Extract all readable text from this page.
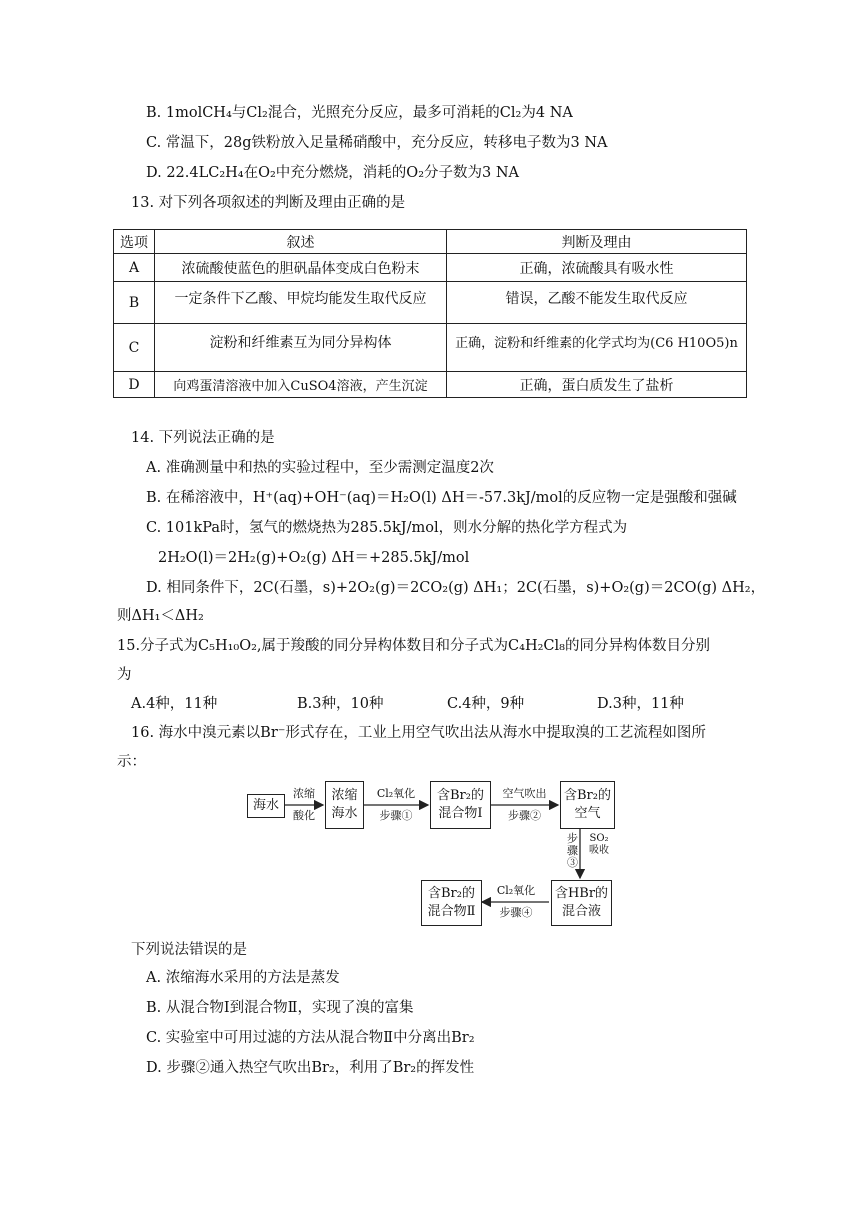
B. 1molCH₄与Cl₂混合，光照充分反应，最多可消耗的Cl₂为4 NA
C. 常温下，28g铁粉放入足量稀硝酸中，充分反应，转移电子数为3 NA
D. 22.4LC₂H₄在O₂中充分燃烧，消耗的O₂分子数为3 NA
13. 对下列各项叙述的判断及理由正确的是
选项	叙述	判断及理由
A	浓硫酸使蓝色的胆矾晶体变成白色粉末	正确，浓硫酸具有吸水性
B	一定条件下乙酸、甲烷均能发生取代反应	错误，乙酸不能发生取代反应
C	淀粉和纤维素互为同分异构体	正确，淀粉和纤维素的化学式均为(C6 H10O5)n
D	向鸡蛋清溶液中加入CuSO4溶液，产生沉淀	正确，蛋白质发生了盐析
14. 下列说法正确的是
A. 准确测量中和热的实验过程中，至少需测定温度2次
B. 在稀溶液中，H⁺(aq)+OH⁻(aq)＝H₂O(l) ΔH＝-57.3kJ/mol的反应物一定是强酸和强碱
C. 101kPa时，氢气的燃烧热为285.5kJ/mol，则水分解的热化学方程式为
2H₂O(l)＝2H₂(g)+O₂(g) ΔH＝+285.5kJ/mol
D. 相同条件下，2C(石墨，s)+2O₂(g)＝2CO₂(g) ΔH₁；2C(石墨，s)+O₂(g)＝2CO(g) ΔH₂，
则ΔH₁＜ΔH₂
15.分子式为C₅H₁₀O₂,属于羧酸的同分异构体数目和分子式为C₄H₂Cl₈的同分异构体数目分别
为
A.4种，11种	B.3种，10种	C.4种，9种	D.3种，11种
16. 海水中溴元素以Br⁻形式存在，工业上用空气吹出法从海水中提取溴的工艺流程如图所
示：
海水
浓缩
酸化
浓缩
海水
Cl₂氧化
步骤①
含Br₂的
混合物Ⅰ
空气吹出
步骤②
含Br₂的
空气
步骤③
SO₂吸收
含HBr的
混合液
Cl₂氧化
步骤④
含Br₂的
混合物Ⅱ
下列说法错误的是
A. 浓缩海水采用的方法是蒸发
B. 从混合物Ⅰ到混合物Ⅱ，实现了溴的富集
C. 实验室中可用过滤的方法从混合物Ⅱ中分离出Br₂
D. 步骤②通入热空气吹出Br₂，利用了Br₂的挥发性
